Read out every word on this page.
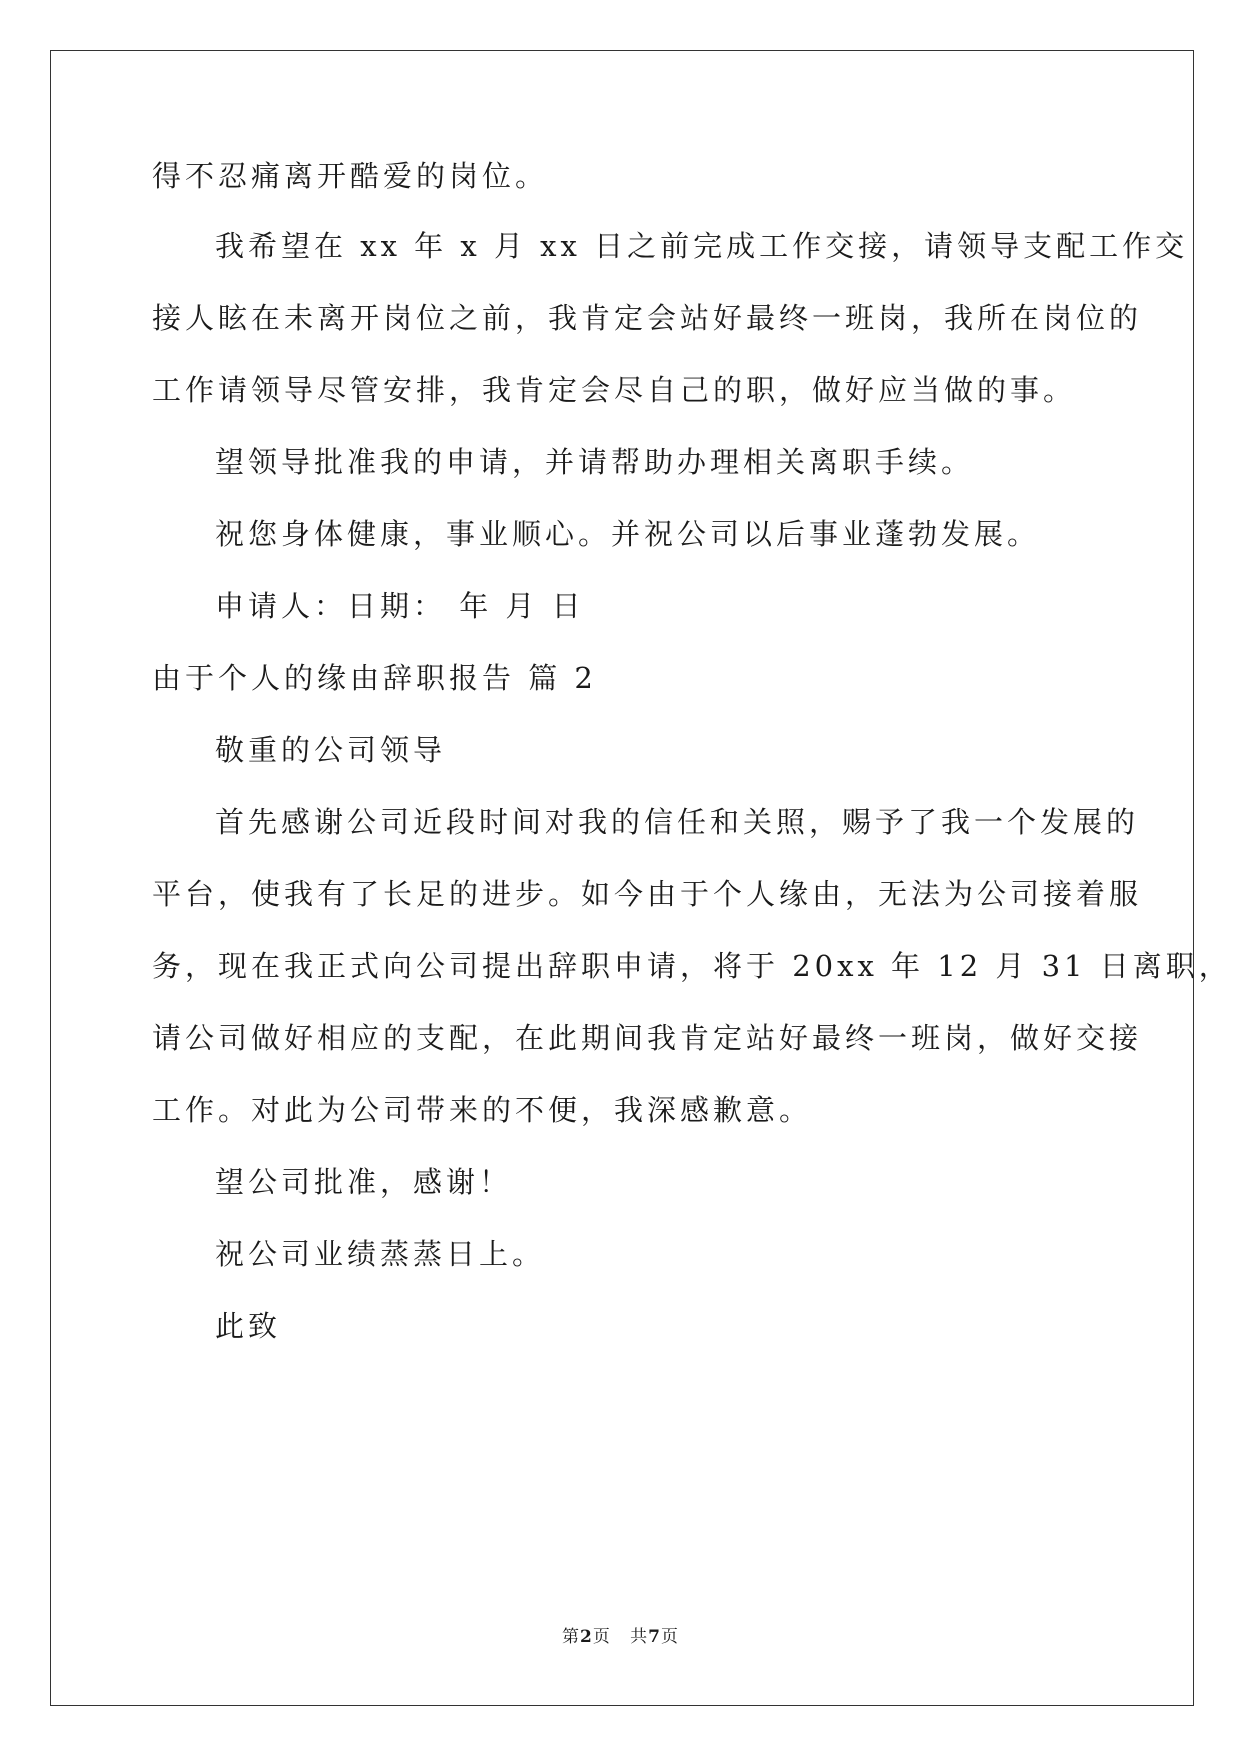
得不忍痛离开酷爱的岗位。
我希望在 xx 年 x 月 xx 日之前完成工作交接，请领导支配工作交
接人眩在未离开岗位之前，我肯定会站好最终一班岗，我所在岗位的
工作请领导尽管安排，我肯定会尽自己的职，做好应当做的事。
望领导批准我的申请，并请帮助办理相关离职手续。
祝您身体健康，事业顺心。并祝公司以后事业蓬勃发展。
申请人：日期： 年 月 日
由于个人的缘由辞职报告 篇 2
敬重的公司领导
首先感谢公司近段时间对我的信任和关照，赐予了我一个发展的
平台，使我有了长足的进步。如今由于个人缘由，无法为公司接着服
务，现在我正式向公司提出辞职申请，将于 20xx 年 12 月 31 日离职，
请公司做好相应的支配，在此期间我肯定站好最终一班岗，做好交接
工作。对此为公司带来的不便，我深感歉意。
望公司批准，感谢！
祝公司业绩蒸蒸日上。
此致
第2页 共7页
